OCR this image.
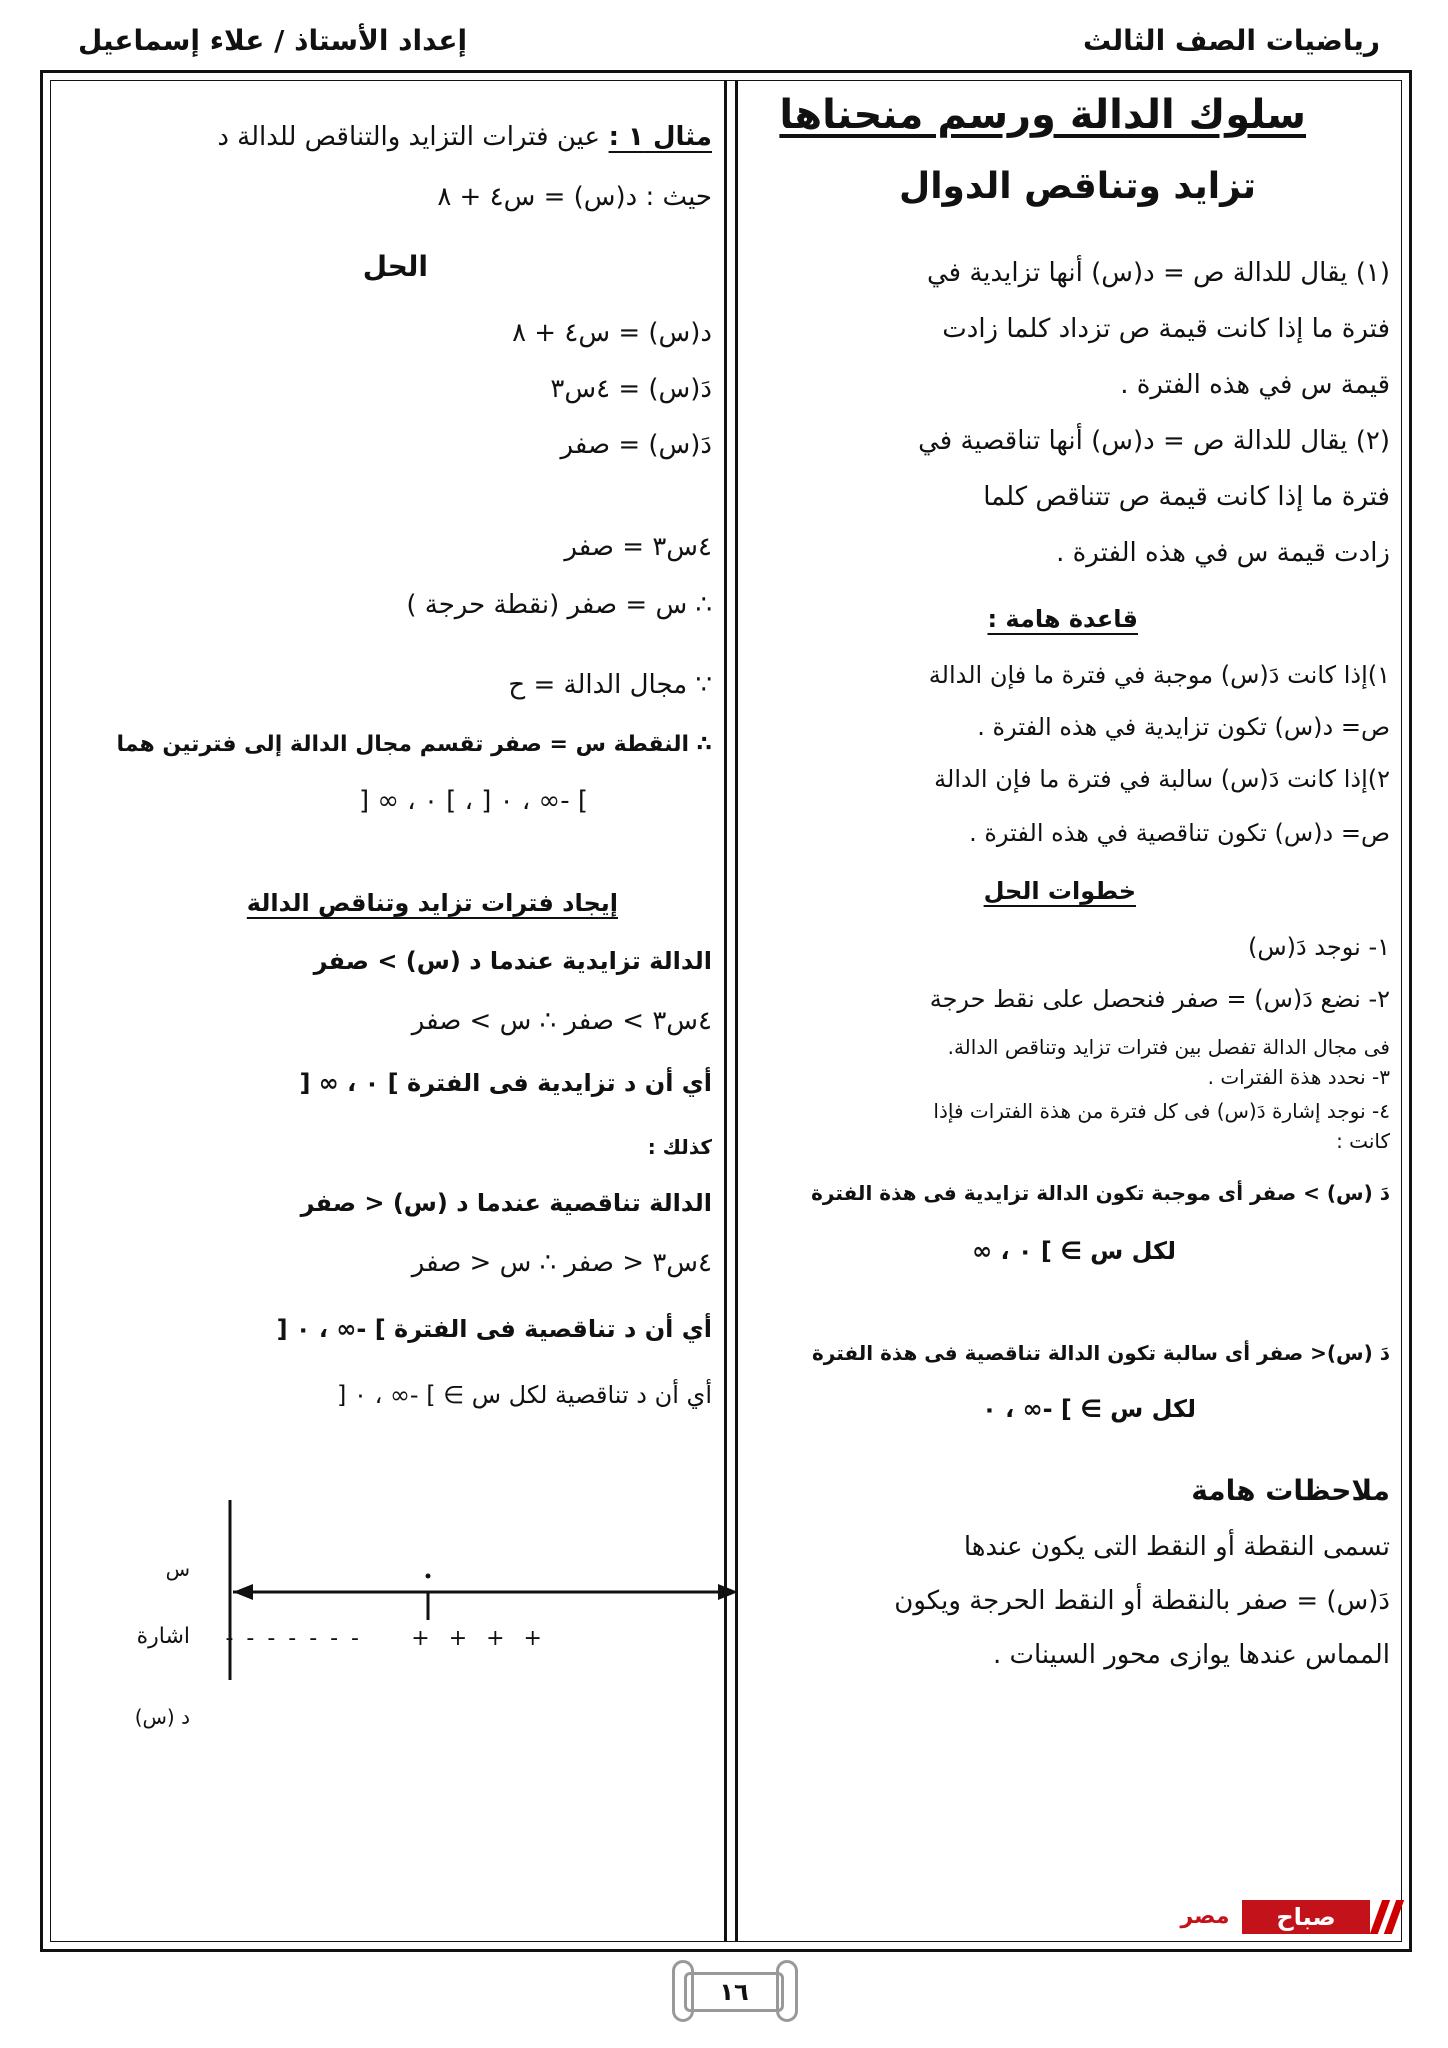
رياضيات الصف الثالث
إعداد الأستاذ / علاء إسماعيل
سلوك الدالة ورسم منحناها
تزايد وتناقص الدوال
(١) يقال للدالة ص = د(س) أنها تزايدية في
فترة ما إذا كانت قيمة ص تزداد كلما زادت
قيمة س في هذه الفترة .
(٢) يقال للدالة ص = د(س) أنها تناقصية في
فترة ما إذا كانت قيمة ص تتناقص كلما
زادت قيمة س في هذه الفترة .
قاعدة هامة :
١)إذا كانت دَ(س) موجبة في فترة ما فإن الدالة
ص= د(س) تكون تزايدية في هذه الفترة .
٢)إذا كانت دَ(س) سالبة في فترة ما فإن الدالة
ص= د(س) تكون تناقصية في هذه الفترة .
خطوات الحل
١- نوجد دَ(س)
٢- نضع دَ(س) = صفر فنحصل على نقط حرجة
فى مجال الدالة تفصل بين فترات تزايد وتناقص الدالة.
٣- نحدد هذة الفترات .
٤- نوجد إشارة دَ(س) فى كل فترة من هذة الفترات فإذا
كانت :
دَ (س) > صفر أى موجبة تكون الدالة تزايدية فى هذة الفترة
لكل س ∋ ] ٠ ، ∞
دَ (س)< صفر أى سالبة تكون الدالة تناقصية فى هذة الفترة
لكل س ∋ ] -∞ ، ٠
ملاحظات هامة
تسمى النقطة أو النقط التى يكون عندها
دَ(س) = صفر بالنقطة أو النقط الحرجة ويكون
المماس عندها يوازى محور السينات .
مثال ١ :
عين فترات التزايد والتناقص للدالة د
حيث : د(س) = س٤ + ٨
الحل
د(س) = س٤ + ٨
دَ(س) = ٤س٣
دَ(س) = صفر
٤س٣ = صفر
∴ س = صفر (نقطة حرجة )
∵ مجال الدالة = ح
∴ النقطة س = صفر تقسم مجال الدالة إلى فترتين هما
] -∞ ، ٠ [ ، ] ٠ ، ∞ [
إيجاد فترات تزايد وتناقص الدالة
الدالة تزايدية عندما د (س) > صفر
٤س٣ > صفر ∴ س > صفر
أي أن د تزايدية فى الفترة ] ٠ ، ∞ [
كذلك :
الدالة تناقصية عندما د (س) < صفر
٤س٣ < صفر ∴ س < صفر
أي أن د تناقصية فى الفترة ] -∞ ، ٠ [
أي أن د تناقصية لكل س ∋ ] -∞ ، ٠ [
س
اشارة
د (س)
- - - - - - - + + + +
مصر	صباح
١٦
